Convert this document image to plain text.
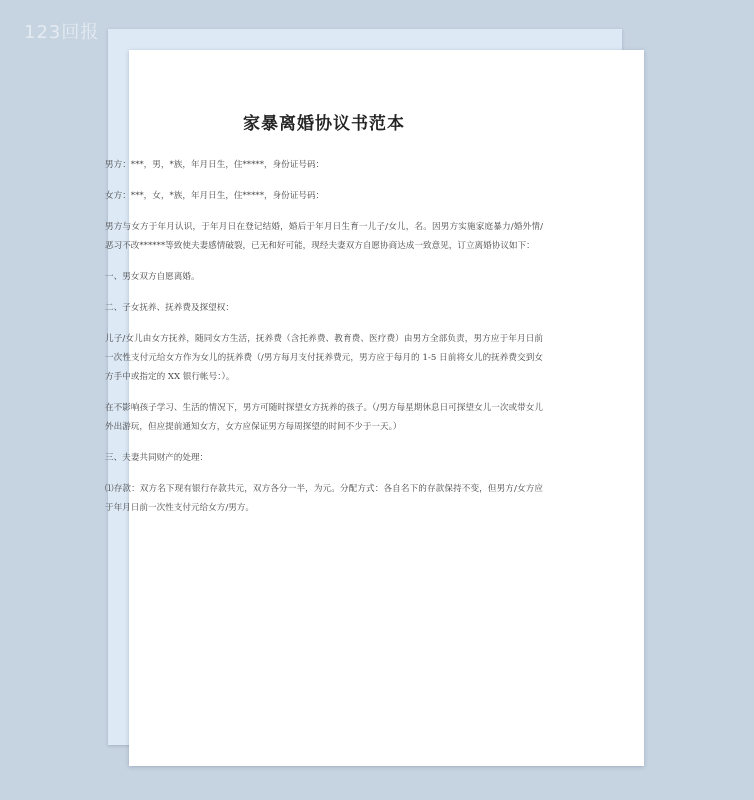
123回报
家暴离婚协议书范本

男方：***，男，*族，年月日生，住*****，身份证号码：

女方：***，女，*族，年月日生，住*****，身份证号码：

男方与女方于年月认识，于年月日在登记结婚，婚后于年月日生育一儿子/女儿，名。因男方实施家庭暴力/婚外情/恶习不改******等致使夫妻感情破裂，已无和好可能，现经夫妻双方自愿协商达成一致意见，订立离婚协议如下：

一、男女双方自愿离婚。

二、子女抚养、抚养费及探望权：

儿子/女儿由女方抚养，随同女方生活，抚养费（含托养费、教育费、医疗费）由男方全部负责，男方应于年月日前一次性支付元给女方作为女儿的抚养费（/男方每月支付抚养费元，男方应于每月的 1-5 日前将女儿的抚养费交到女方手中或指定的 XX 银行帐号：）。

在不影响孩子学习、生活的情况下，男方可随时探望女方抚养的孩子。（/男方每星期休息日可探望女儿一次或带女儿外出游玩，但应提前通知女方，女方应保证男方每周探望的时间不少于一天。）

三、夫妻共同财产的处理：

⑴存款：双方名下现有银行存款共元，双方各分一半，为元。分配方式：各自名下的存款保持不变，但男方/女方应于年月日前一次性支付元给女方/男方。
